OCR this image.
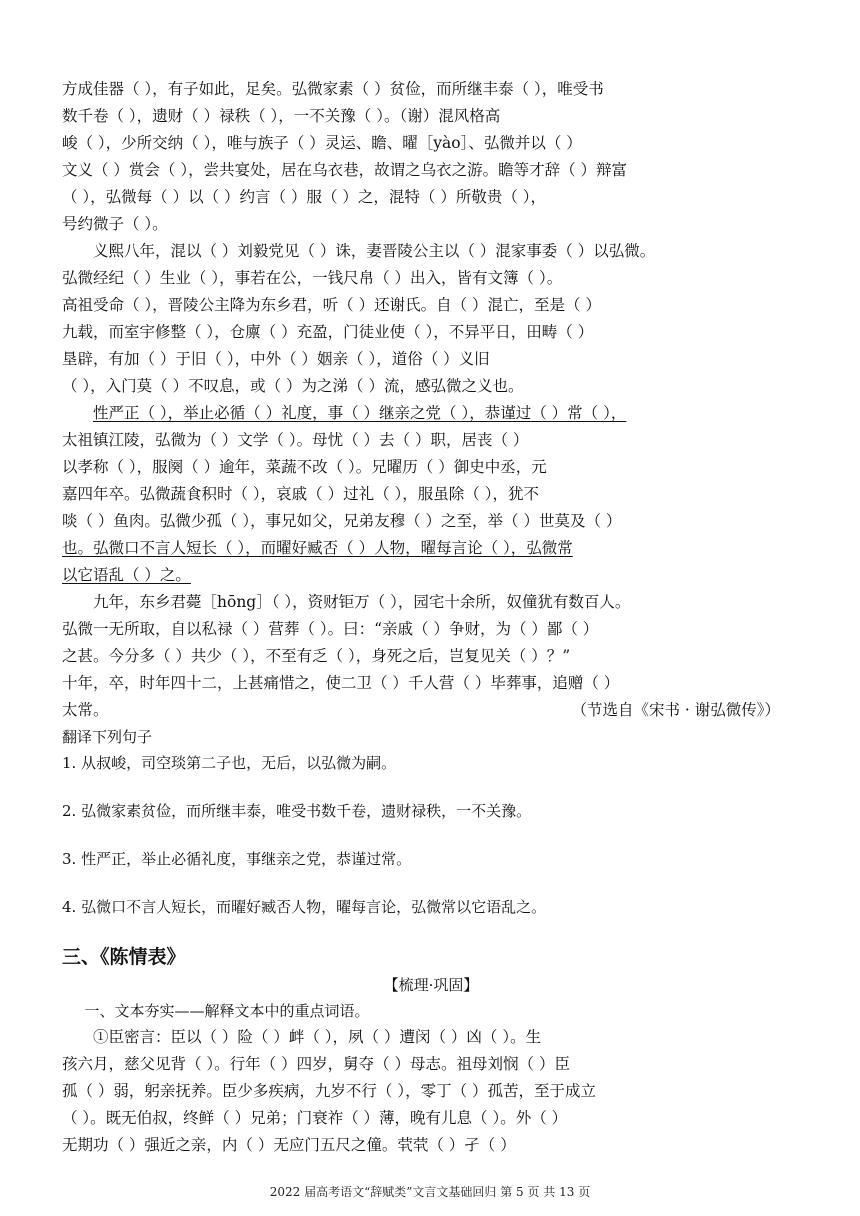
方成佳器（ ），有子如此，足矣。弘微家素（ ）贫俭，而所继丰泰（ ），唯受书
数千卷（ ），遗财（ ）禄秩（ ），一不关豫（ ）。（谢）混风格高
峻（ ），少所交纳（ ），唯与族子（ ）灵运、瞻、曜［yào］、弘微并以（ ）
文义（ ）赏会（ ），尝共宴处，居在乌衣巷，故谓之乌衣之游。瞻等才辞（ ）辩富
（ ），弘微每（ ）以（ ）约言（ ）服（ ）之，混特（ ）所敬贵（ ），
号约微子（ ）。
义熙八年，混以（ ）刘毅党见（ ）诛，妻晋陵公主以（ ）混家事委（ ）以弘微。
弘微经纪（ ）生业（ ），事若在公，一钱尺帛（ ）出入，皆有文簿（ ）。
高祖受命（ ），晋陵公主降为东乡君，听（ ）还谢氏。自（ ）混亡，至是（ ）
九载，而室宇修整（ ），仓廪（ ）充盈，门徒业使（ ），不异平日，田畴（ ）
垦辟，有加（ ）于旧（ ），中外（ ）姻亲（ ），道俗（ ）义旧
（ ），入门莫（ ）不叹息，或（ ）为之涕（ ）流，感弘微之义也。
性严正（ ），举止必循（ ）礼度，事（ ）继亲之党（ ），恭谨过（ ）常（ ），
太祖镇江陵，弘微为（ ）文学（ ）。母忧（ ）去（ ）职，居丧（ ）
以孝称（ ），服阕（ ）逾年，菜蔬不改（ ）。兄曜历（ ）御史中丞，元
嘉四年卒。弘微蔬食积时（ ），哀戚（ ）过礼（ ），服虽除（ ），犹不
啖（ ）鱼肉。弘微少孤（ ），事兄如父，兄弟友穆（ ）之至，举（ ）世莫及（ ）
也。弘微口不言人短长（ ），而曜好臧否（ ）人物，曜每言论（ ），弘微常
以它语乱（ ）之。
九年，东乡君薨［hōng］（ ），资财钜万（ ），园宅十余所，奴僮犹有数百人。
弘微一无所取，自以私禄（ ）营葬（ ）。曰：“亲戚（ ）争财，为（ ）鄙（ ）
之甚。今分多（ ）共少（ ），不至有乏（ ），身死之后，岂复见关（ ）？”
十年，卒，时年四十二，上甚痛惜之，使二卫（ ）千人营（ ）毕葬事，追赠（ ）
太常。	（节选自《宋书 · 谢弘微传》）
翻译下列句子
1. 从叔峻，司空琰第二子也，无后，以弘微为嗣。
2. 弘微家素贫俭，而所继丰泰，唯受书数千卷，遗财禄秩，一不关豫。
3. 性严正，举止必循礼度，事继亲之党，恭谨过常。
4. 弘微口不言人短长，而曜好臧否人物，曜每言论，弘微常以它语乱之。
三、《陈情表》
【梳理·巩固】
一、文本夯实——解释文本中的重点词语。
①臣密言：臣以（ ）险（ ）衅（ ），夙（ ）遭闵（ ）凶（ ）。生
孩六月，慈父见背（ ）。行年（ ）四岁，舅夺（ ）母志。祖母刘悯（ ）臣
孤（ ）弱，躬亲抚养。臣少多疾病，九岁不行（ ），零丁（ ）孤苦，至于成立
（ ）。既无伯叔，终鲜（ ）兄弟；门衰祚（ ）薄，晚有儿息（ ）。外（ ）
无期功（ ）强近之亲，内（ ）无应门五尺之僮。茕茕（ ）孑（ ）
2022 届高考语文“辞赋类”文言文基础回归 第 5 页 共 13 页
